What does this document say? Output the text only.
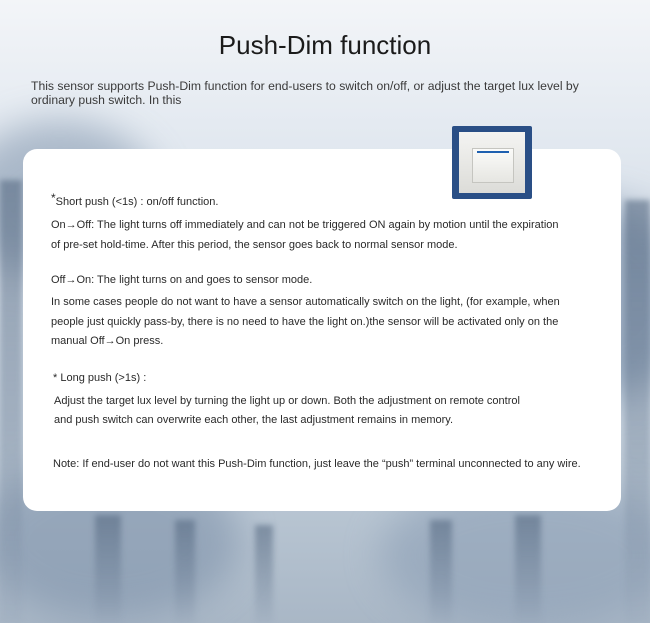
Push-Dim function

This sensor supports Push-Dim function for end-users to switch on/off, or adjust the target lux level by ordinary push switch. In this

*Short push (<1s) : on/off function.

On→Off: The light turns off immediately and can not be triggered ON again by motion until the expiration

of pre-set hold-time. After this period, the sensor goes back to normal sensor mode.

Off→On: The light turns on and goes to sensor mode.

In some cases people do not want to have a sensor automatically switch on the light, (for example, when

people just quickly pass-by, there is no need to have the light on.)the sensor will be activated only on the

manual Off→On press.

* Long push (>1s) :

Adjust the target lux level by turning the light up or down. Both the adjustment on remote control

and push switch can overwrite each other, the last adjustment remains in memory.

Note: If end-user do not want this Push-Dim function, just leave the “push” terminal unconnected to any wire.
